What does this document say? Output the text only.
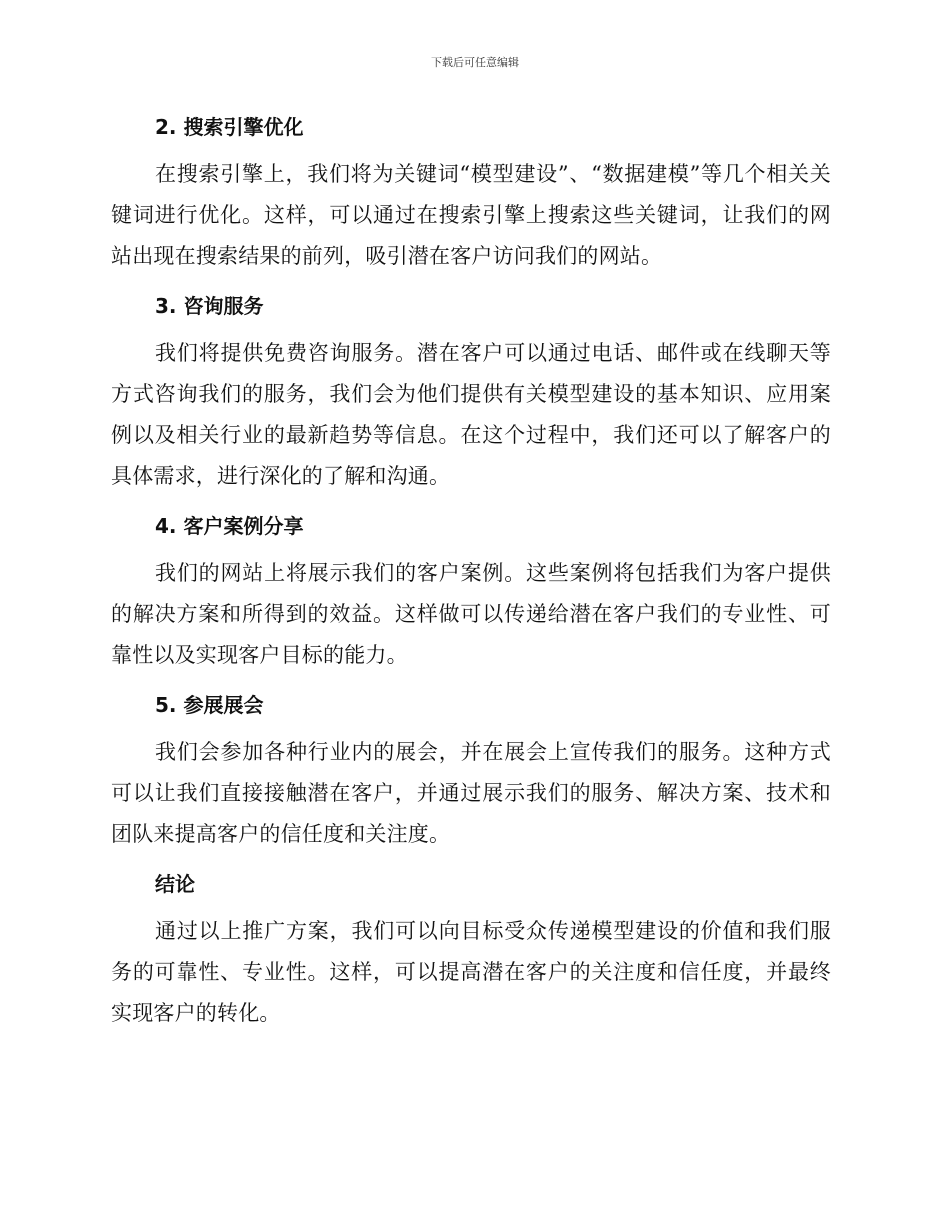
下载后可任意编辑
2. 搜索引擎优化

在搜索引擎上，我们将为关键词“模型建设”、“数据建模”等几个相关关键词进行优化。这样，可以通过在搜索引擎上搜索这些关键词，让我们的网站出现在搜索结果的前列，吸引潜在客户访问我们的网站。

3. 咨询服务

我们将提供免费咨询服务。潜在客户可以通过电话、邮件或在线聊天等方式咨询我们的服务，我们会为他们提供有关模型建设的基本知识、应用案例以及相关行业的最新趋势等信息。在这个过程中，我们还可以了解客户的具体需求，进行深化的了解和沟通。

4. 客户案例分享

我们的网站上将展示我们的客户案例。这些案例将包括我们为客户提供的解决方案和所得到的效益。这样做可以传递给潜在客户我们的专业性、可靠性以及实现客户目标的能力。

5. 参展展会

我们会参加各种行业内的展会，并在展会上宣传我们的服务。这种方式可以让我们直接接触潜在客户，并通过展示我们的服务、解决方案、技术和团队来提高客户的信任度和关注度。

结论

通过以上推广方案，我们可以向目标受众传递模型建设的价值和我们服务的可靠性、专业性。这样，可以提高潜在客户的关注度和信任度，并最终实现客户的转化。
